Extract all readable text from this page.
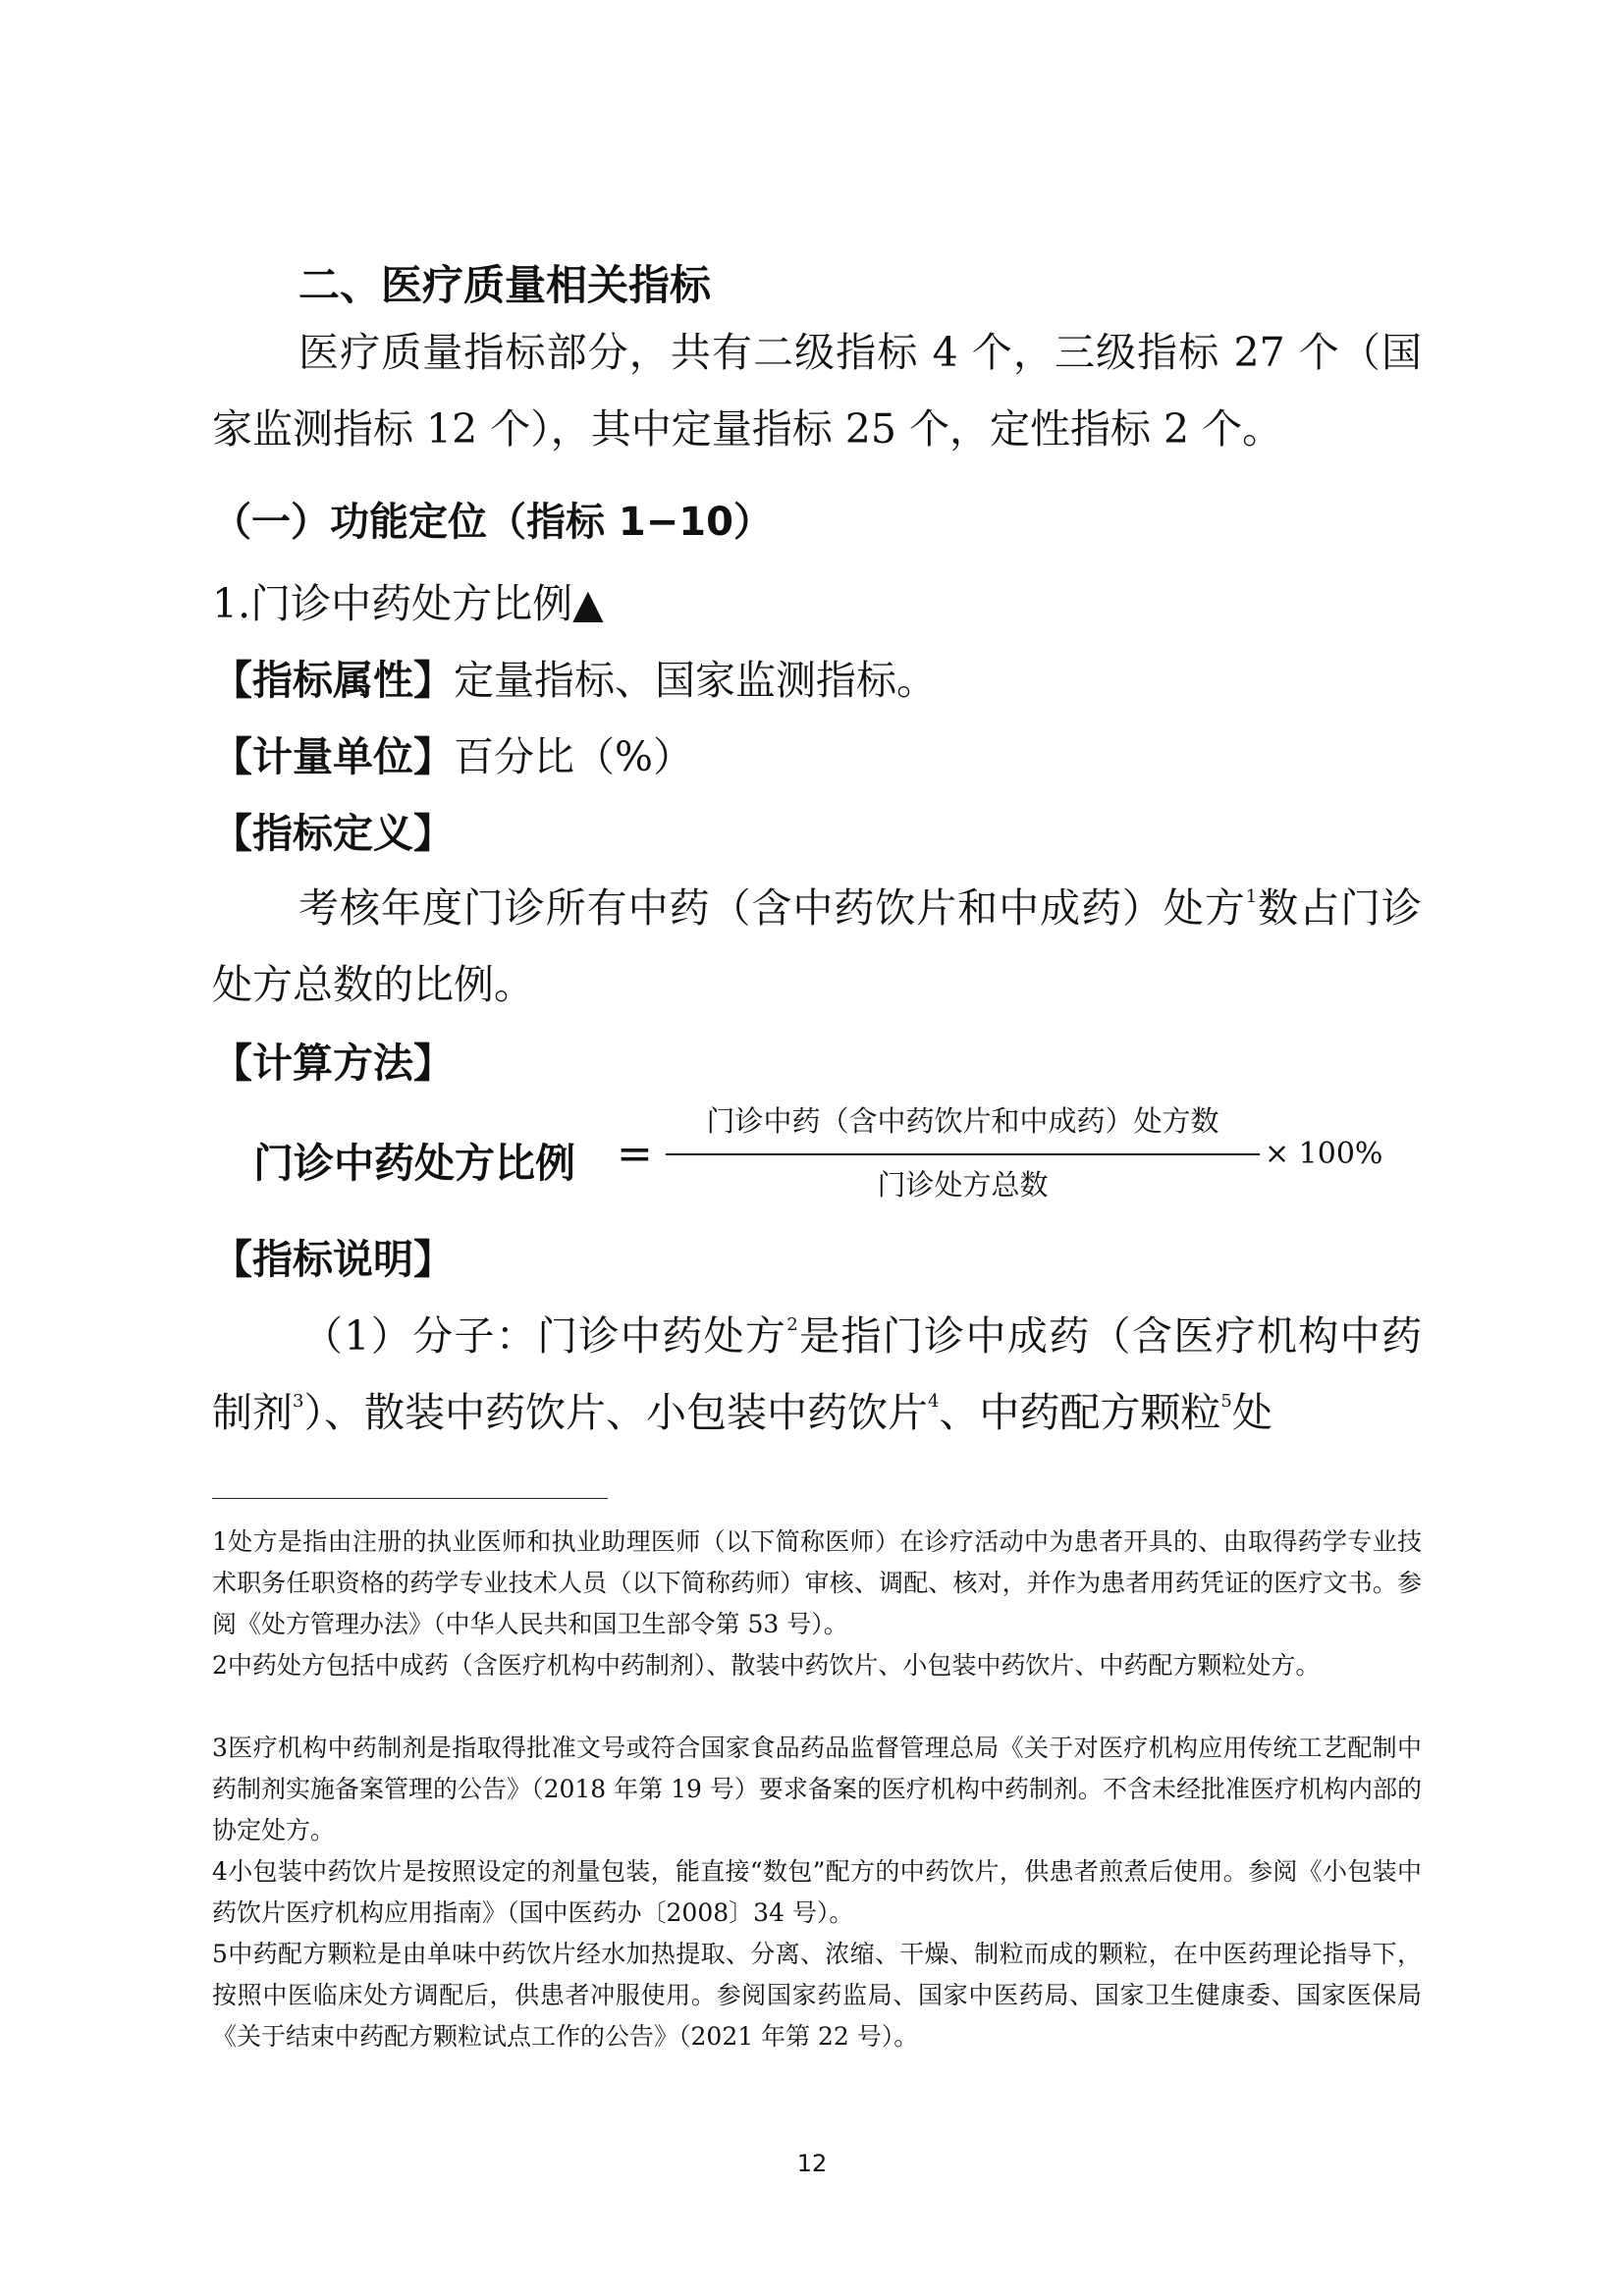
二、医疗质量相关指标
医疗质量指标部分，共有二级指标 4 个，三级指标 27 个（国家监测指标 12 个），其中定量指标 25 个，定性指标 2 个。
（一）功能定位（指标 1−10）
1.门诊中药处方比例▲
【指标属性】定量指标、国家监测指标。
【计量单位】百分比（%）
【指标定义】
考核年度门诊所有中药（含中药饮片和中成药）处方$^1$数占门诊处方总数的比例。
【计算方法】
门诊中药处方比例 =
门诊中药（含中药饮片和中成药）处方数
门诊处方总数
× 100%
【指标说明】
（1）分子：门诊中药处方$^2$是指门诊中成药（含医疗机构中药制剂$^3$）、散装中药饮片、小包装中药饮片$^4$、中药配方颗粒$^5$处
1处方是指由注册的执业医师和执业助理医师（以下简称医师）在诊疗活动中为患者开具的、由取得药学专业技术职务任职资格的药学专业技术人员（以下简称药师）审核、调配、核对，并作为患者用药凭证的医疗文书。参阅《处方管理办法》（中华人民共和国卫生部令第 53 号）。
2中药处方包括中成药（含医疗机构中药制剂）、散装中药饮片、小包装中药饮片、中药配方颗粒处方。
3医疗机构中药制剂是指取得批准文号或符合国家食品药品监督管理总局《关于对医疗机构应用传统工艺配制中药制剂实施备案管理的公告》（2018 年第 19 号）要求备案的医疗机构中药制剂。不含未经批准医疗机构内部的协定处方。
4小包装中药饮片是按照设定的剂量包装，能直接“数包”配方的中药饮片，供患者煎煮后使用。参阅《小包装中药饮片医疗机构应用指南》（国中医药办〔2008〕34 号）。
5中药配方颗粒是由单味中药饮片经水加热提取、分离、浓缩、干燥、制粒而成的颗粒，在中医药理论指导下，按照中医临床处方调配后，供患者冲服使用。参阅国家药监局、国家中医药局、国家卫生健康委、国家医保局《关于结束中药配方颗粒试点工作的公告》（2021 年第 22 号）。
12
